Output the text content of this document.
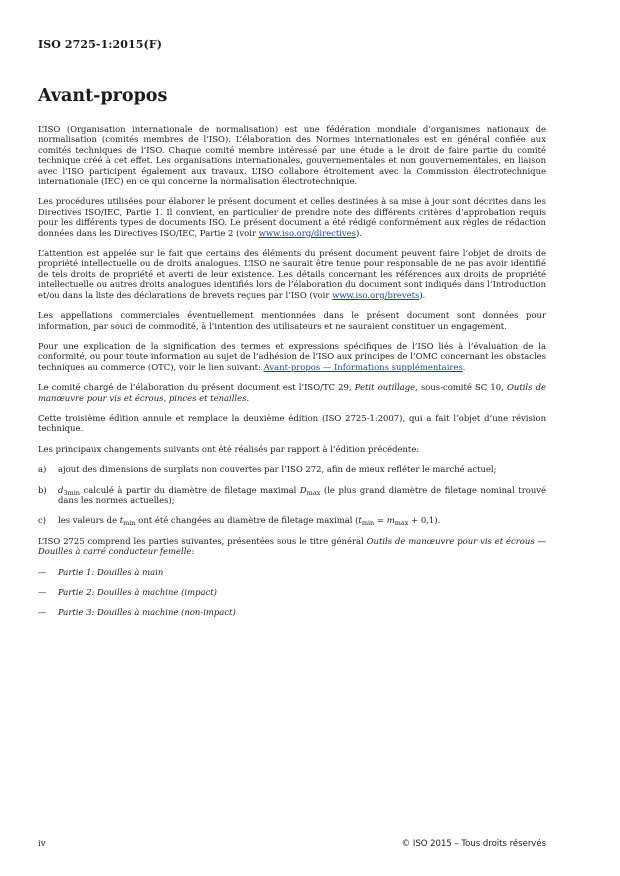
ISO 2725-1:2015(F)
Avant-propos

L’ISO (Organisation internationale de normalisation) est une fédération mondiale d’organismes nationaux de normalisation (comités membres de l’ISO). L’élaboration des Normes internationales est en général confiée aux comités techniques de l’ISO. Chaque comité membre intéressé par une étude a le droit de faire partie du comité technique créé à cet effet. Les organisations internationales, gouvernementales et non gouvernementales, en liaison avec l’ISO participent également aux travaux. L’ISO collabore étroitement avec la Commission électrotechnique internationale (IEC) en ce qui concerne la normalisation électrotechnique.

Les procédures utilisées pour élaborer le présent document et celles destinées à sa mise à jour sont décrites dans les Directives ISO/IEC, Partie 1. Il convient, en particulier de prendre note des différents critères d’approbation requis pour les différents types de documents ISO. Le présent document a été rédigé conformément aux règles de rédaction données dans les Directives ISO/IEC, Partie 2 (voir www.iso.org/directives).

L’attention est appelée sur le fait que certains des éléments du présent document peuvent faire l’objet de droits de propriété intellectuelle ou de droits analogues. L’ISO ne saurait être tenue pour responsable de ne pas avoir identifié de tels droits de propriété et averti de leur existence. Les détails concernant les références aux droits de propriété intellectuelle ou autres droits analogues identifiés lors de l’élaboration du document sont indiqués dans l’Introduction et/ou dans la liste des déclarations de brevets reçues par l’ISO (voir www.iso.org/brevets).

Les appellations commerciales éventuellement mentionnées dans le présent document sont données pour information, par souci de commodité, à l’intention des utilisateurs et ne sauraient constituer un engagement.

Pour une explication de la signification des termes et expressions spécifiques de l’ISO liés à l’évaluation de la conformité, ou pour toute information au sujet de l’adhésion de l’ISO aux principes de l’OMC concernant les obstacles techniques au commerce (OTC), voir le lien suivant: Avant-propos — Informations supplémentaires.

Le comité chargé de l’élaboration du présent document est l’ISO/TC 29, Petit outillage, sous-comité SC 10, Outils de manœuvre pour vis et écrous, pinces et tenailles.

Cette troisième édition annule et remplace la deuxième édition (ISO 2725-1:2007), qui a fait l’objet d’une révision technique.

Les principaux changements suivants ont été réalisés par rapport à l’édition précédente:

a)	ajout des dimensions de surplats non couvertes par l’ISO 272, afin de mieux refléter le marché actuel;
b)	$d_{3min}$ calculé à partir du diamètre de filetage maximal $D_{max}$ (le plus grand diamètre de filetage nominal trouvé dans les normes actuelles);
c)	les valeurs de $t_{min}$ ont été changées au diamètre de filetage maximal $(t_{min} = m_{max} + 0,1)$.

L’ISO 2725 comprend les parties suivantes, présentées sous le titre général Outils de manœuvre pour vis et écrous — Douilles à carré conducteur femelle:

—	Partie 1: Douilles à main
—	Partie 2: Douilles à machine (impact)
—	Partie 3: Douilles à machine (non-impact)
iv	© ISO 2015 – Tous droits réservés
